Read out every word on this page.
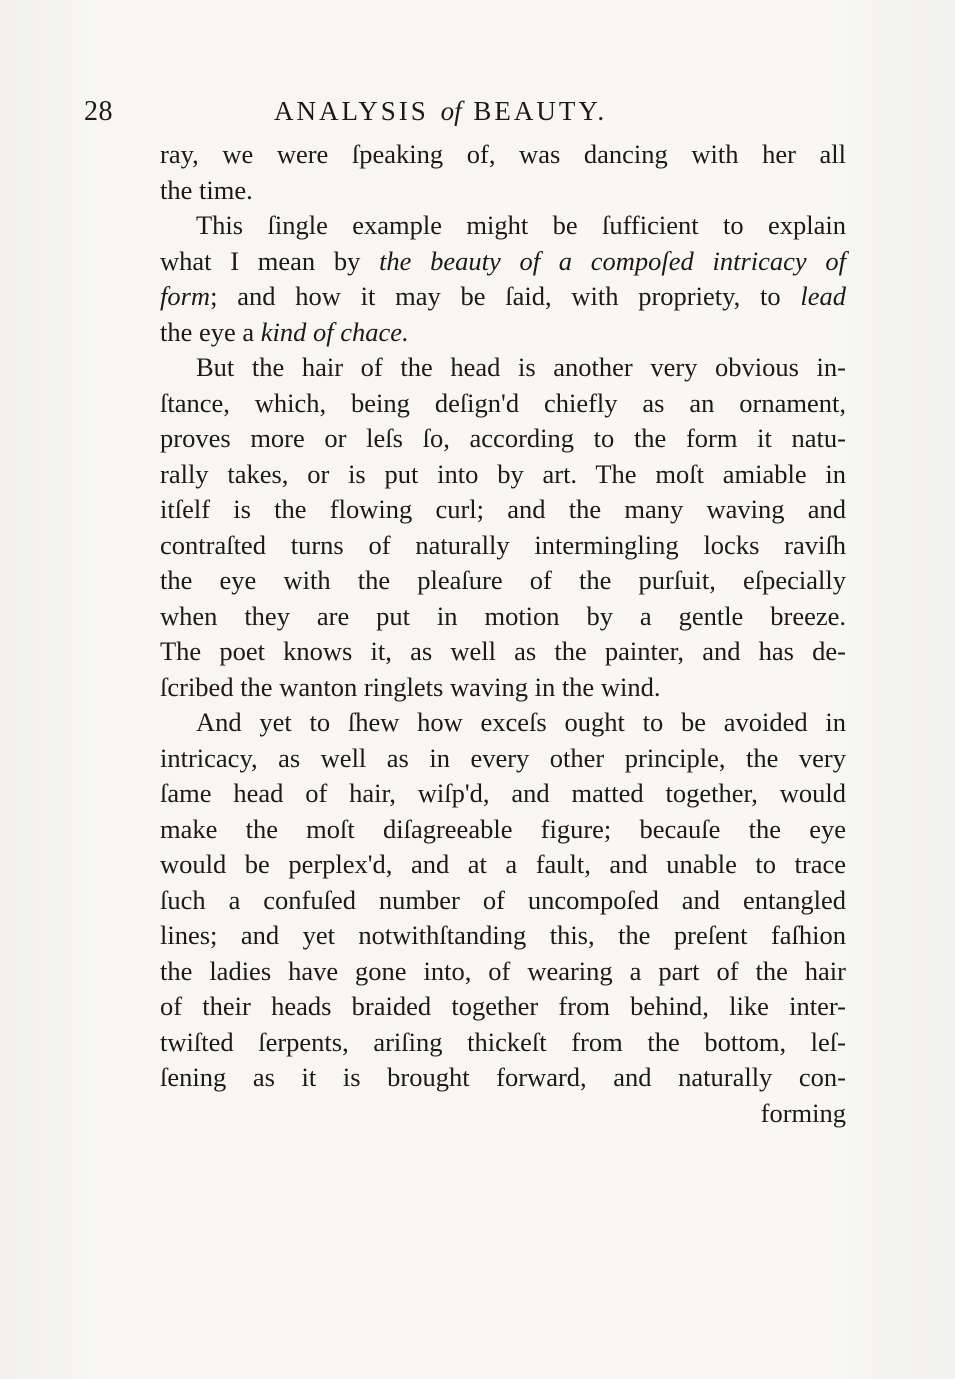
28	ANALYSIS of BEAUTY.
ray, we were ſpeaking of, was dancing with her all
the time.
This ſingle example might be ſufficient to explain
what I mean by the beauty of a compoſed intricacy of
form; and how it may be ſaid, with propriety, to lead
the eye a kind of chace.
But the hair of the head is another very obvious in-
ſtance, which, being deſign'd chiefly as an ornament,
proves more or leſs ſo, according to the form it natu-
rally takes, or is put into by art. The moſt amiable in
itſelf is the flowing curl; and the many waving and
contraſted turns of naturally intermingling locks raviſh
the eye with the pleaſure of the purſuit, eſpecially
when they are put in motion by a gentle breeze.
The poet knows it, as well as the painter, and has de-
ſcribed the wanton ringlets waving in the wind.
And yet to ſhew how exceſs ought to be avoided in
intricacy, as well as in every other principle, the very
ſame head of hair, wiſp'd, and matted together, would
make the moſt diſagreeable figure; becauſe the eye
would be perplex'd, and at a fault, and unable to trace
ſuch a confuſed number of uncompoſed and entangled
lines; and yet notwithſtanding this, the preſent faſhion
the ladies have gone into, of wearing a part of the hair
of their heads braided together from behind, like inter-
twiſted ſerpents, ariſing thickeſt from the bottom, leſ-
ſening as it is brought forward, and naturally con-
forming
